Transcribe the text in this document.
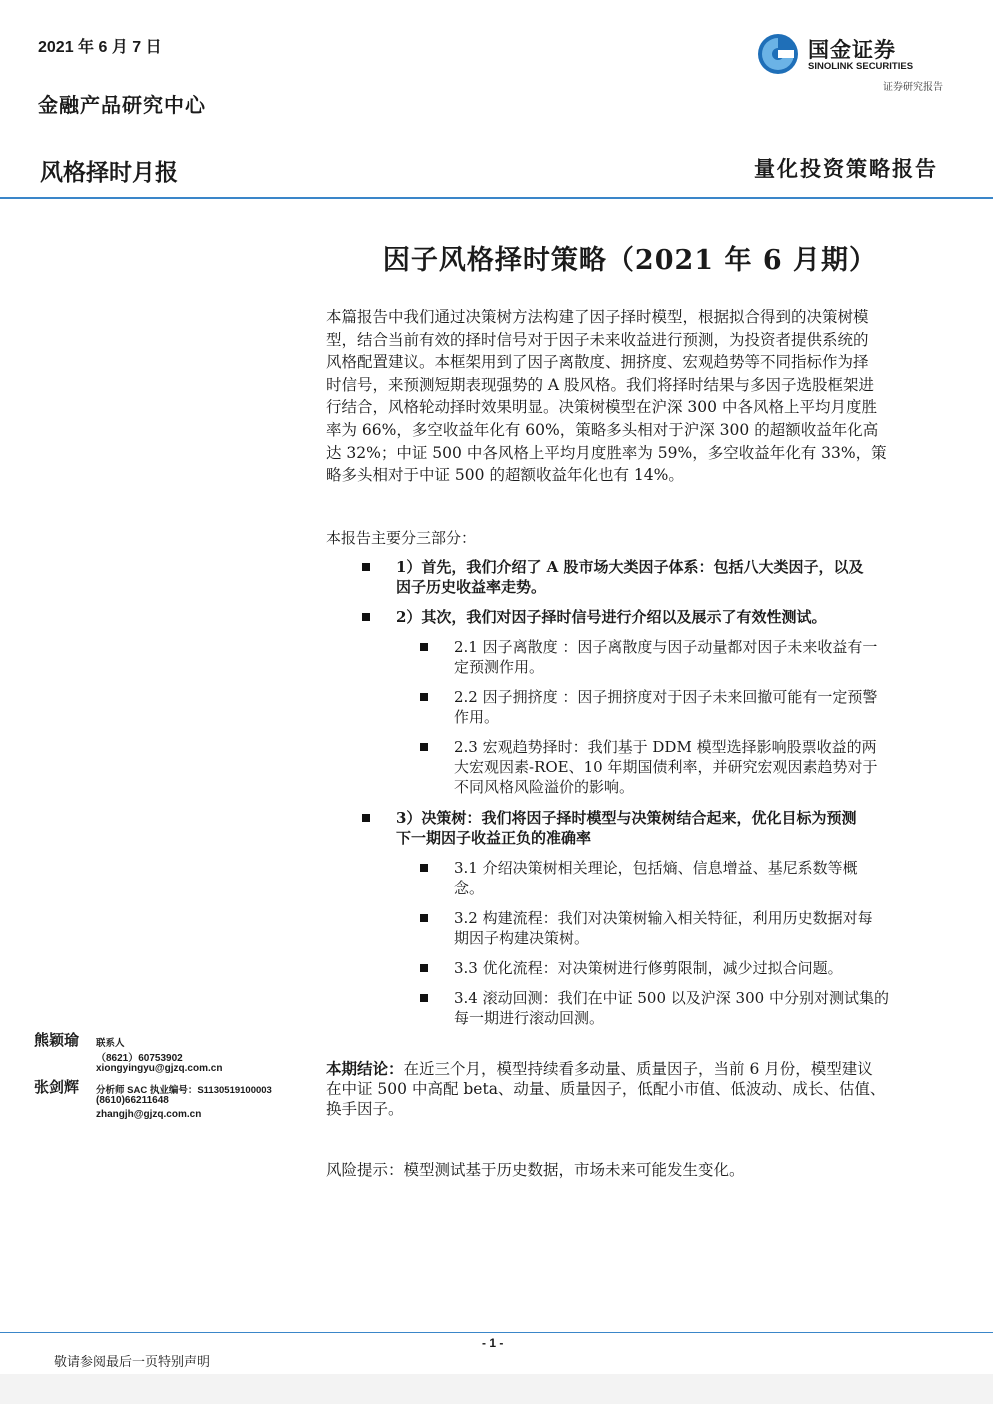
2021 年 6 月 7 日
金融产品研究中心
风格择时月报	量化投资策略报告
国金证券
SINOLINK SECURITIES
证券研究报告
因子风格择时策略（2021 年 6 月期）
本篇报告中我们通过决策树方法构建了因子择时模型，根据拟合得到的决策树模
型，结合当前有效的择时信号对于因子未来收益进行预测，为投资者提供系统的
风格配置建议。本框架用到了因子离散度、拥挤度、宏观趋势等不同指标作为择
时信号，来预测短期表现强势的 A 股风格。我们将择时结果与多因子选股框架进
行结合，风格轮动择时效果明显。决策树模型在沪深 300 中各风格上平均月度胜
率为 66%，多空收益年化有 60%，策略多头相对于沪深 300 的超额收益年化高
达 32%；中证 500 中各风格上平均月度胜率为 59%，多空收益年化有 33%，策
略多头相对于中证 500 的超额收益年化也有 14%。
本报告主要分三部分：
1）首先，我们介绍了 A 股市场大类因子体系：包括八大类因子，以及
因子历史收益率走势。
2）其次，我们对因子择时信号进行介绍以及展示了有效性测试。
2.1 因子离散度 ：因子离散度与因子动量都对因子未来收益有一
定预测作用。
2.2 因子拥挤度 ：因子拥挤度对于因子未来回撤可能有一定预警
作用。
2.3 宏观趋势择时：我们基于 DDM 模型选择影响股票收益的两
大宏观因素-ROE、10 年期国债利率，并研究宏观因素趋势对于
不同风格风险溢价的影响。
3）决策树：我们将因子择时模型与决策树结合起来，优化目标为预测
下一期因子收益正负的准确率
3.1 介绍决策树相关理论，包括熵、信息增益、基尼系数等概
念。
3.2 构建流程：我们对决策树输入相关特征，利用历史数据对每
期因子构建决策树。
3.3 优化流程：对决策树进行修剪限制，减少过拟合问题。
3.4 滚动回测：我们在中证 500 以及沪深 300 中分别对测试集的
每一期进行滚动回测。
熊颖瑜 联系人
（8621）60753902
xiongyingyu@gjzq.com.cn
张剑辉 分析师 SAC 执业编号：S1130519100003
(8610)66211648
zhangjh@gjzq.com.cn
本期结论：在近三个月，模型持续看多动量、质量因子，当前 6 月份，模型建议
在中证 500 中高配 beta、动量、质量因子，低配小市值、低波动、成长、估值、
换手因子。
风险提示：模型测试基于历史数据，市场未来可能发生变化。
- 1 -
敬请参阅最后一页特别声明
